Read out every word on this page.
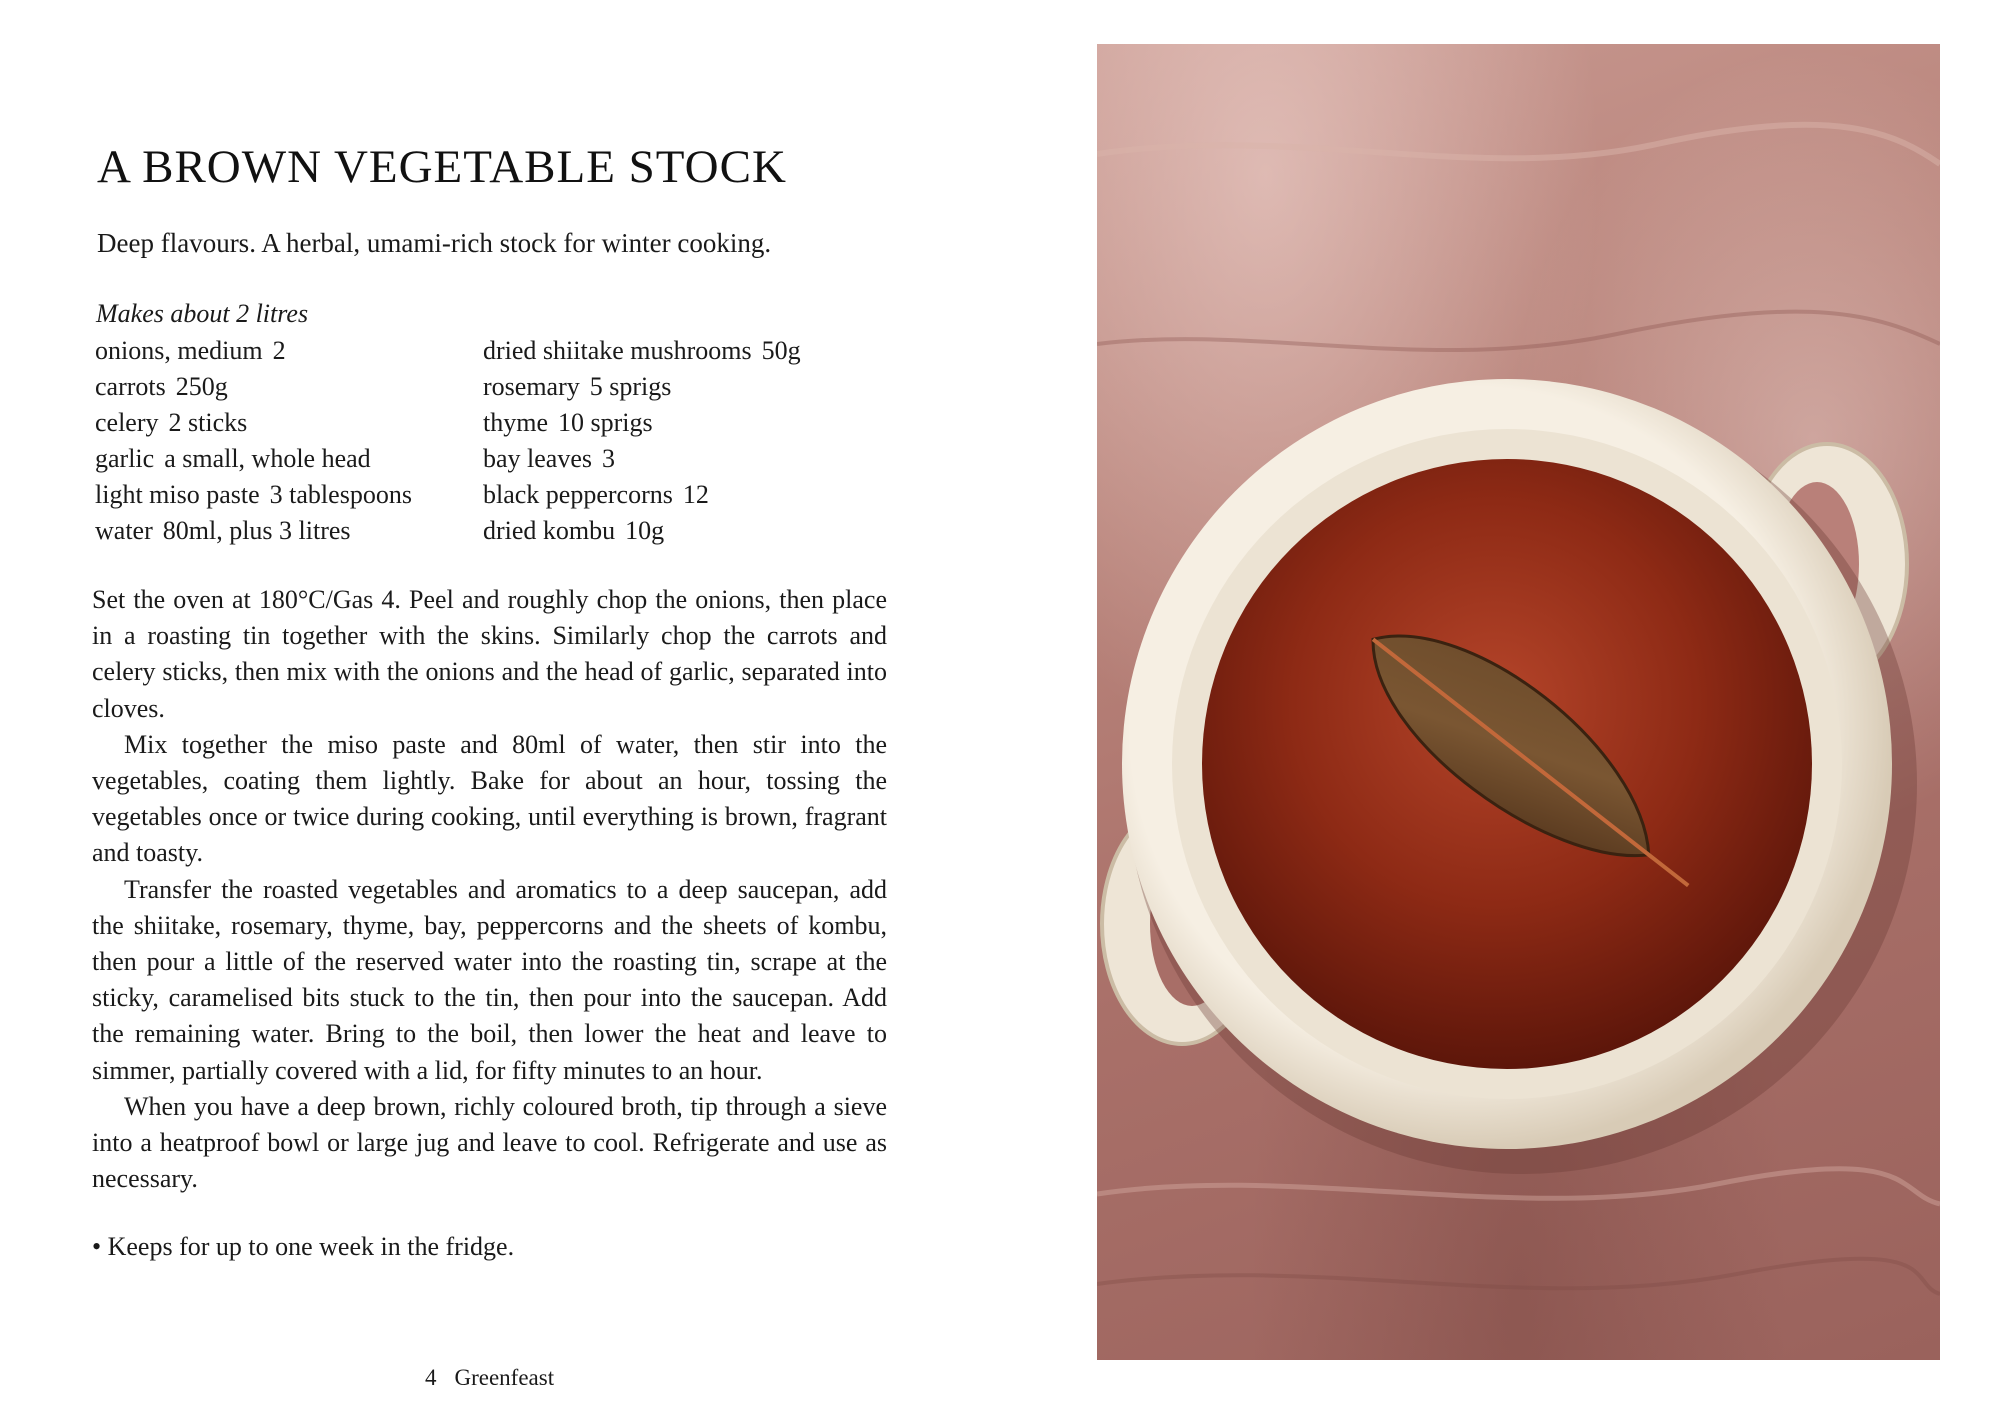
A BROWN VEGETABLE STOCK

Deep flavours. A herbal, umami-rich stock for winter cooking.

Makes about 2 litres
onions, medium 2
carrots 250g
celery 2 sticks
garlic a small, whole head
light miso paste 3 tablespoons
water 80ml, plus 3 litres
dried shiitake mushrooms 50g
rosemary 5 sprigs
thyme 10 sprigs
bay leaves 3
black peppercorns 12
dried kombu 10g

Set the oven at 180°C/Gas 4. Peel and roughly chop the onions, then place in a roasting tin together with the skins. Similarly chop the carrots and celery sticks, then mix with the onions and the head of garlic, separated into cloves.

Mix together the miso paste and 80ml of water, then stir into the vegetables, coating them lightly. Bake for about an hour, tossing the vegetables once or twice during cooking, until everything is brown, fragrant and toasty.

Transfer the roasted vegetables and aromatics to a deep saucepan, add the shiitake, rosemary, thyme, bay, peppercorns and the sheets of kombu, then pour a little of the reserved water into the roasting tin, scrape at the sticky, caramelised bits stuck to the tin, then pour into the saucepan. Add the remaining water. Bring to the boil, then lower the heat and leave to simmer, partially covered with a lid, for fifty minutes to an hour.

When you have a deep brown, richly coloured broth, tip through a sieve into a heatproof bowl or large jug and leave to cool. Refrigerate and use as necessary.

• Keeps for up to one week in the fridge.
4 Greenfeast
